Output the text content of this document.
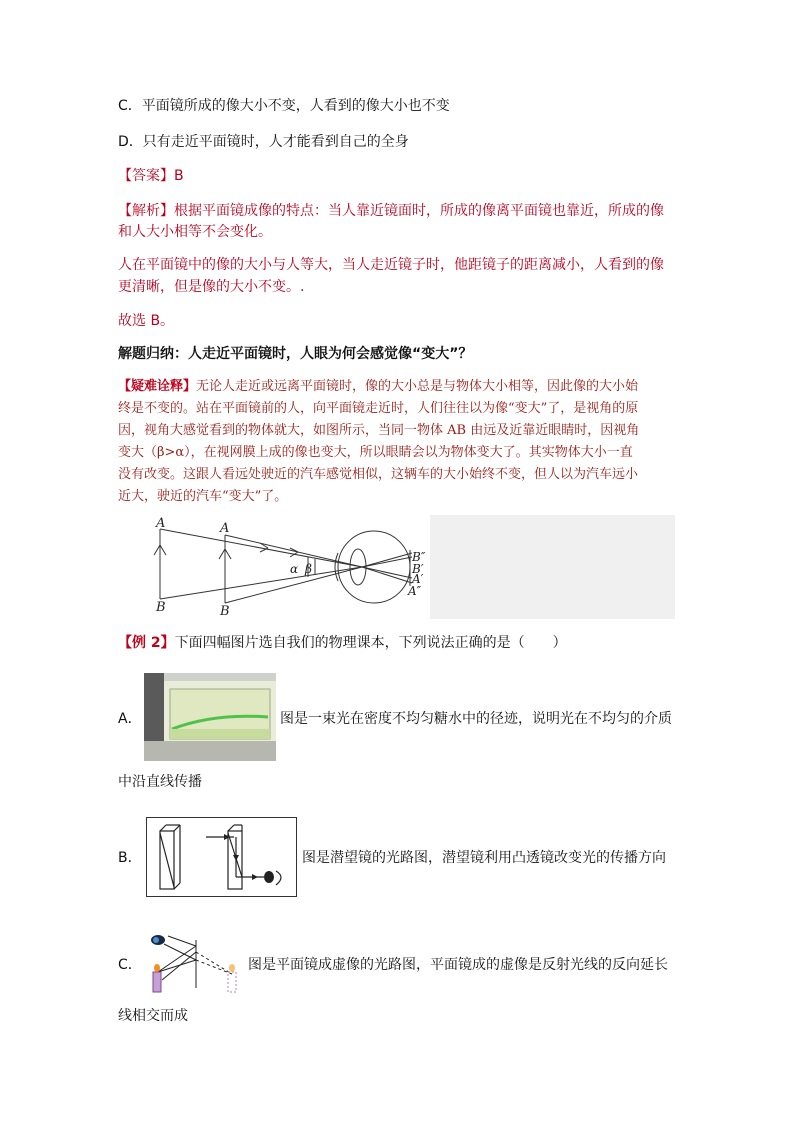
C．平面镜所成的像大小不变，人看到的像大小也不变
D．只有走近平面镜时，人才能看到自己的全身
【答案】B
【解析】根据平面镜成像的特点：当人靠近镜面时，所成的像离平面镜也靠近，所成的像
和人大小相等不会变化。
人在平面镜中的像的大小与人等大，当人走近镜子时，他距镜子的距离减小，人看到的像
更清晰，但是像的大小不变。.
故选 B。
解题归纳：人走近平面镜时，人眼为何会感觉像“变大”？
【疑难诠释】无论人走近或远离平面镜时，像的大小总是与物体大小相等，因此像的大小始
终是不变的。站在平面镜前的人，向平面镜走近时，人们往往以为像“变大”了，是视角的原
因，视角大感觉看到的物体就大，如图所示，当同一物体 AB 由远及近靠近眼睛时，因视角
变大（β>α），在视网膜上成的像也变大，所以眼睛会以为物体变大了。其实物体大小一直
没有改变。这跟人看远处驶近的汽车感觉相似，这辆车的大小始终不变，但人以为汽车远小
近大，驶近的汽车“变大”了。
A	A
B	B
α β
B″
B′
A′
A″
【例 2】下面四幅图片选自我们的物理课本，下列说法正确的是（　　）
A．	图是一束光在密度不均匀糖水中的径迹，说明光在不均匀的介质
中沿直线传播
B．	图是潜望镜的光路图，潜望镜利用凸透镜改变光的传播方向
C．	图是平面镜成虚像的光路图，平面镜成的虚像是反射光线的反向延长
线相交而成
